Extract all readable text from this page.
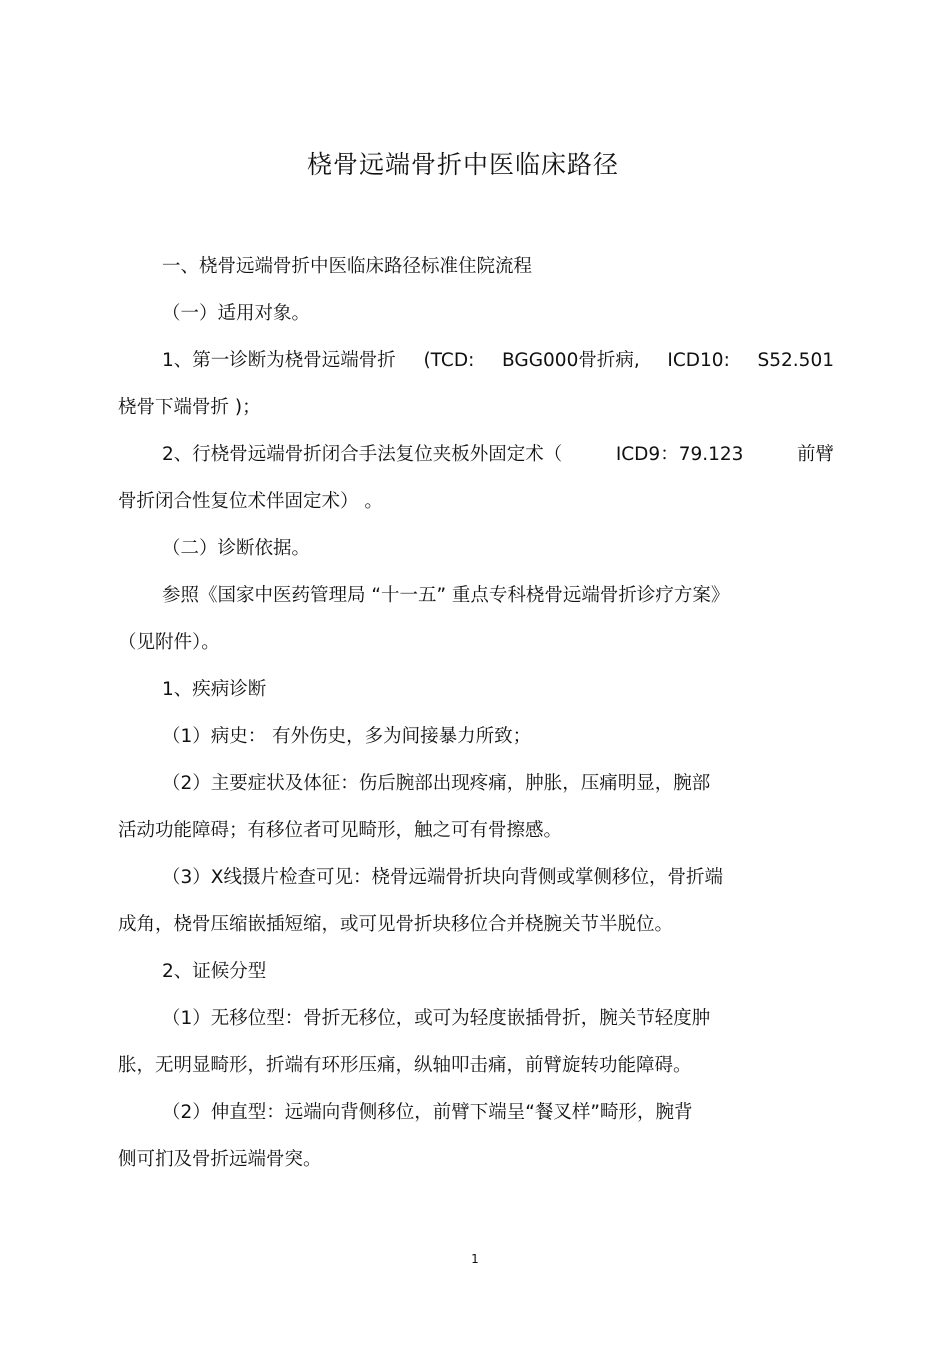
桡骨远端骨折中医临床路径
一、桡骨远端骨折中医临床路径标准住院流程
（一）适用对象。
1、第一诊断为桡骨远端骨折 (TCD: BGG000骨折病, ICD10: S52.501
桡骨下端骨折 )；
2、行桡骨远端骨折闭合手法复位夹板外固定术（	ICD9：79.123	前臂
骨折闭合性复位术伴固定术） 。
（二）诊断依据。
参照《国家中医药管理局 “十一五” 重点专科桡骨远端骨折诊疗方案》
（见附件）。
1、疾病诊断
（1）病史： 有外伤史，多为间接暴力所致；
（2）主要症状及体征：伤后腕部出现疼痛，肿胀，压痛明显，腕部
活动功能障碍；有移位者可见畸形，触之可有骨擦感。
（3）X线摄片检查可见：桡骨远端骨折块向背侧或掌侧移位，骨折端
成角，桡骨压缩嵌插短缩，或可见骨折块移位合并桡腕关节半脱位。
2、证候分型
（1）无移位型：骨折无移位，或可为轻度嵌插骨折，腕关节轻度肿
胀，无明显畸形，折端有环形压痛，纵轴叩击痛，前臂旋转功能障碍。
（2）伸直型：远端向背侧移位，前臂下端呈“餐叉样”畸形，腕背
侧可扪及骨折远端骨突。
1
